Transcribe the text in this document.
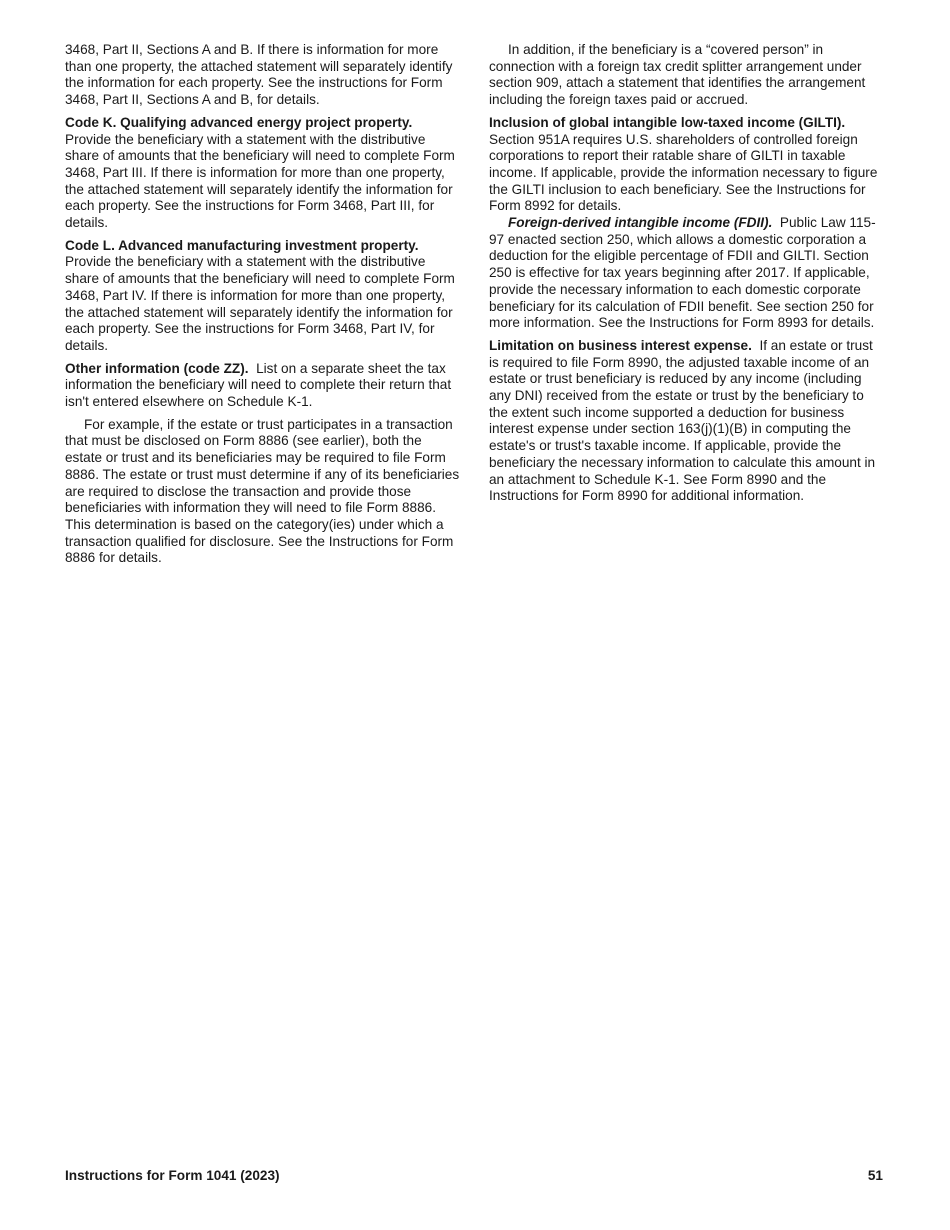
3468, Part II, Sections A and B. If there is information for more than one property, the attached statement will separately identify the information for each property. See the instructions for Form 3468, Part II, Sections A and B, for details.

Code K. Qualifying advanced energy project property. Provide the beneficiary with a statement with the distributive share of amounts that the beneficiary will need to complete Form 3468, Part III. If there is information for more than one property, the attached statement will separately identify the information for each property. See the instructions for Form 3468, Part III, for details.

Code L. Advanced manufacturing investment property. Provide the beneficiary with a statement with the distributive share of amounts that the beneficiary will need to complete Form 3468, Part IV. If there is information for more than one property, the attached statement will separately identify the information for each property. See the instructions for Form 3468, Part IV, for details.

Other information (code ZZ). List on a separate sheet the tax information the beneficiary will need to complete their return that isn't entered elsewhere on Schedule K-1.

For example, if the estate or trust participates in a transaction that must be disclosed on Form 8886 (see earlier), both the estate or trust and its beneficiaries may be required to file Form 8886. The estate or trust must determine if any of its beneficiaries are required to disclose the transaction and provide those beneficiaries with information they will need to file Form 8886. This determination is based on the category(ies) under which a transaction qualified for disclosure. See the Instructions for Form 8886 for details.

In addition, if the beneficiary is a “covered person” in connection with a foreign tax credit splitter arrangement under section 909, attach a statement that identifies the arrangement including the foreign taxes paid or accrued.

Inclusion of global intangible low-taxed income (GILTI). Section 951A requires U.S. shareholders of controlled foreign corporations to report their ratable share of GILTI in taxable income. If applicable, provide the information necessary to figure the GILTI inclusion to each beneficiary. See the Instructions for Form 8992 for details.

Foreign-derived intangible income (FDII). Public Law 115-97 enacted section 250, which allows a domestic corporation a deduction for the eligible percentage of FDII and GILTI. Section 250 is effective for tax years beginning after 2017. If applicable, provide the necessary information to each domestic corporate beneficiary for its calculation of FDII benefit. See section 250 for more information. See the Instructions for Form 8993 for details.

Limitation on business interest expense. If an estate or trust is required to file Form 8990, the adjusted taxable income of an estate or trust beneficiary is reduced by any income (including any DNI) received from the estate or trust by the beneficiary to the extent such income supported a deduction for business interest expense under section 163(j)(1)(B) in computing the estate's or trust's taxable income. If applicable, provide the beneficiary the necessary information to calculate this amount in an attachment to Schedule K-1. See Form 8990 and the Instructions for Form 8990 for additional information.

Instructions for Form 1041 (2023)	51
